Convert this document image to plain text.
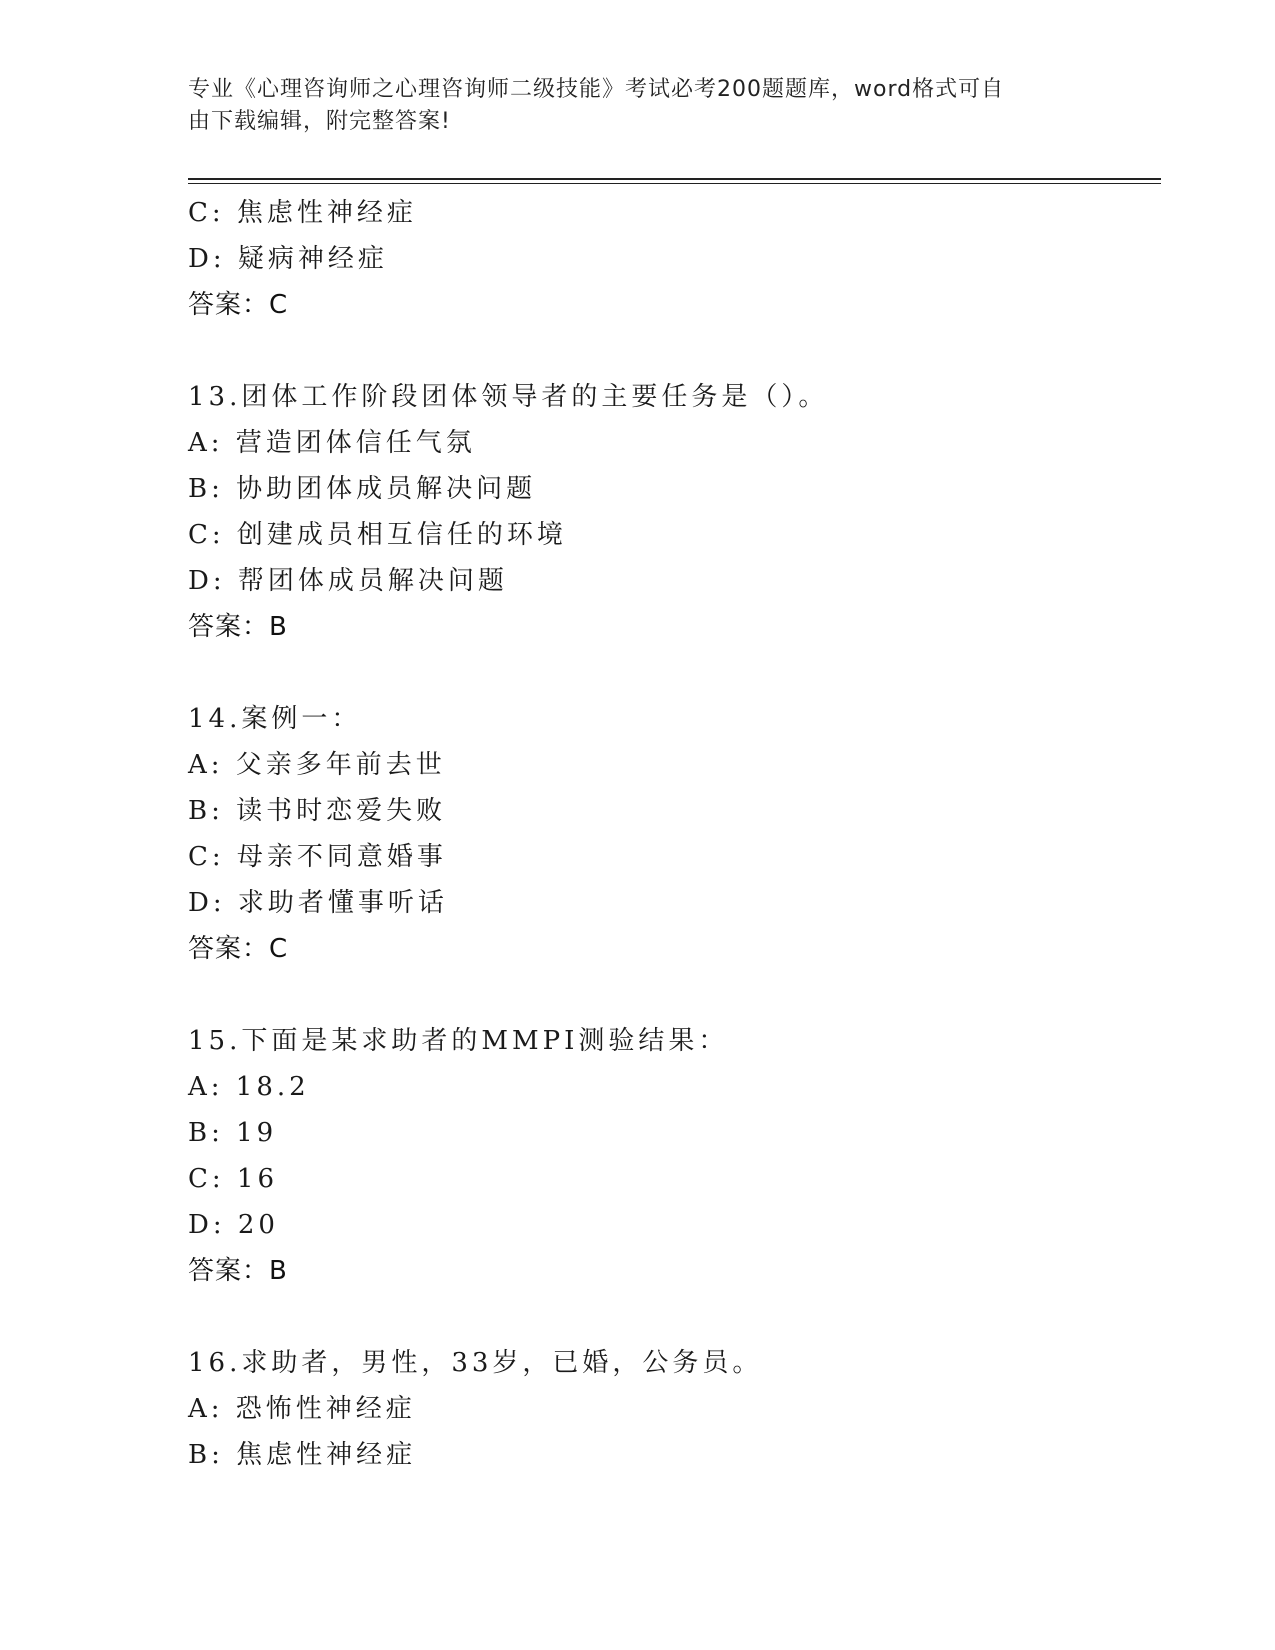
专业《心理咨询师之心理咨询师二级技能》考试必考200题题库，word格式可自
由下载编辑，附完整答案!
C: 焦虑性神经症
D: 疑病神经症
答案：C
13.团体工作阶段团体领导者的主要任务是（）。
A: 营造团体信任气氛
B: 协助团体成员解决问题
C: 创建成员相互信任的环境
D: 帮团体成员解决问题
答案：B
14.案例一：
A: 父亲多年前去世
B: 读书时恋爱失败
C: 母亲不同意婚事
D: 求助者懂事听话
答案：C
15.下面是某求助者的MMPI测验结果：
A: 18.2
B: 19
C: 16
D: 20
答案：B
16.求助者，男性，33岁，已婚，公务员。
A: 恐怖性神经症
B: 焦虑性神经症
